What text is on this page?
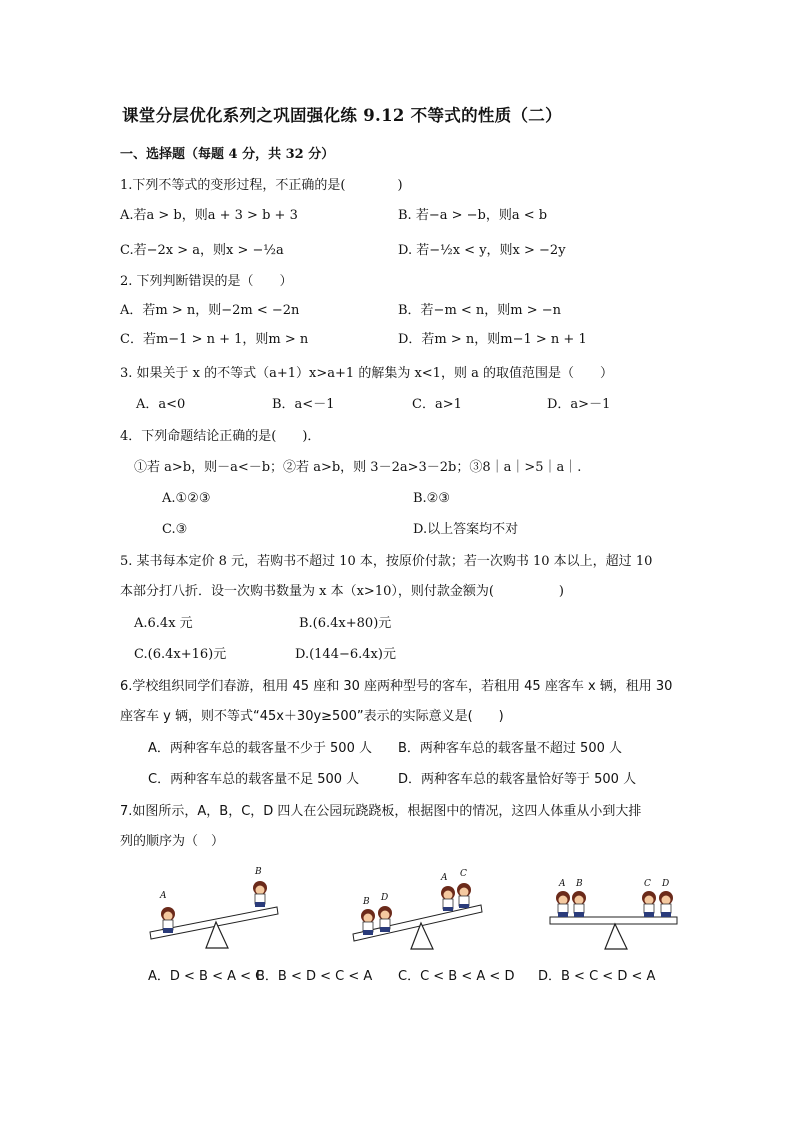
课堂分层优化系列之巩固强化练 9.12 不等式的性质（二）
一、选择题（每题 4 分，共 32 分）
1.下列不等式的变形过程，不正确的是(　　　　)
A.若a > b，则a + 3 > b + 3	B. 若−a > −b，则a < b
C.若−2x > a，则x > −½a	D. 若−½x < y，则x > −2y
2. 下列判断错误的是（　　）
A．若m > n，则−2m < −2n	B．若−m < n，则m > −n
C．若m−1 > n + 1，则m > n	D．若m > n，则m−1 > n + 1
3. 如果关于 x 的不等式（a+1）x>a+1 的解集为 x<1，则 a 的取值范围是（　　）
A．a<0	B．a<－1	C．a>1	D．a>－1
4．下列命题结论正确的是(　　)．
①若 a>b，则－a<－b；②若 a>b，则 3－2a>3－2b；③8｜a｜>5｜a｜.
A.①②③	B.②③
C.③	D.以上答案均不对
5. 某书每本定价 8 元，若购书不超过 10 本，按原价付款；若一次购书 10 本以上，超过 10
本部分打八折．设一次购书数量为 x 本（x>10），则付款金额为(　　　　　)
A.6.4x 元	B.(6.4x+80)元
C.(6.4x+16)元	D.(144−6.4x)元
6.学校组织同学们春游，租用 45 座和 30 座两种型号的客车，若租用 45 座客车 x 辆，租用 30
座客车 y 辆，则不等式“45x＋30y≥500”表示的实际意义是(　　)
A．两种客车总的载客量不少于 500 人 B．两种客车总的载客量不超过 500 人
C．两种客车总的载客量不足 500 人	D．两种客车总的载客量恰好等于 500 人
7.如图所示，A，B，C，D 四人在公园玩跷跷板，根据图中的情况，这四人体重从小到大排
列的顺序为（　）
A
B
B D
A C
A B	C D
A．D < B < A < C
B．B < D < C < A C．C < B < A < D D．B < C < D < A
